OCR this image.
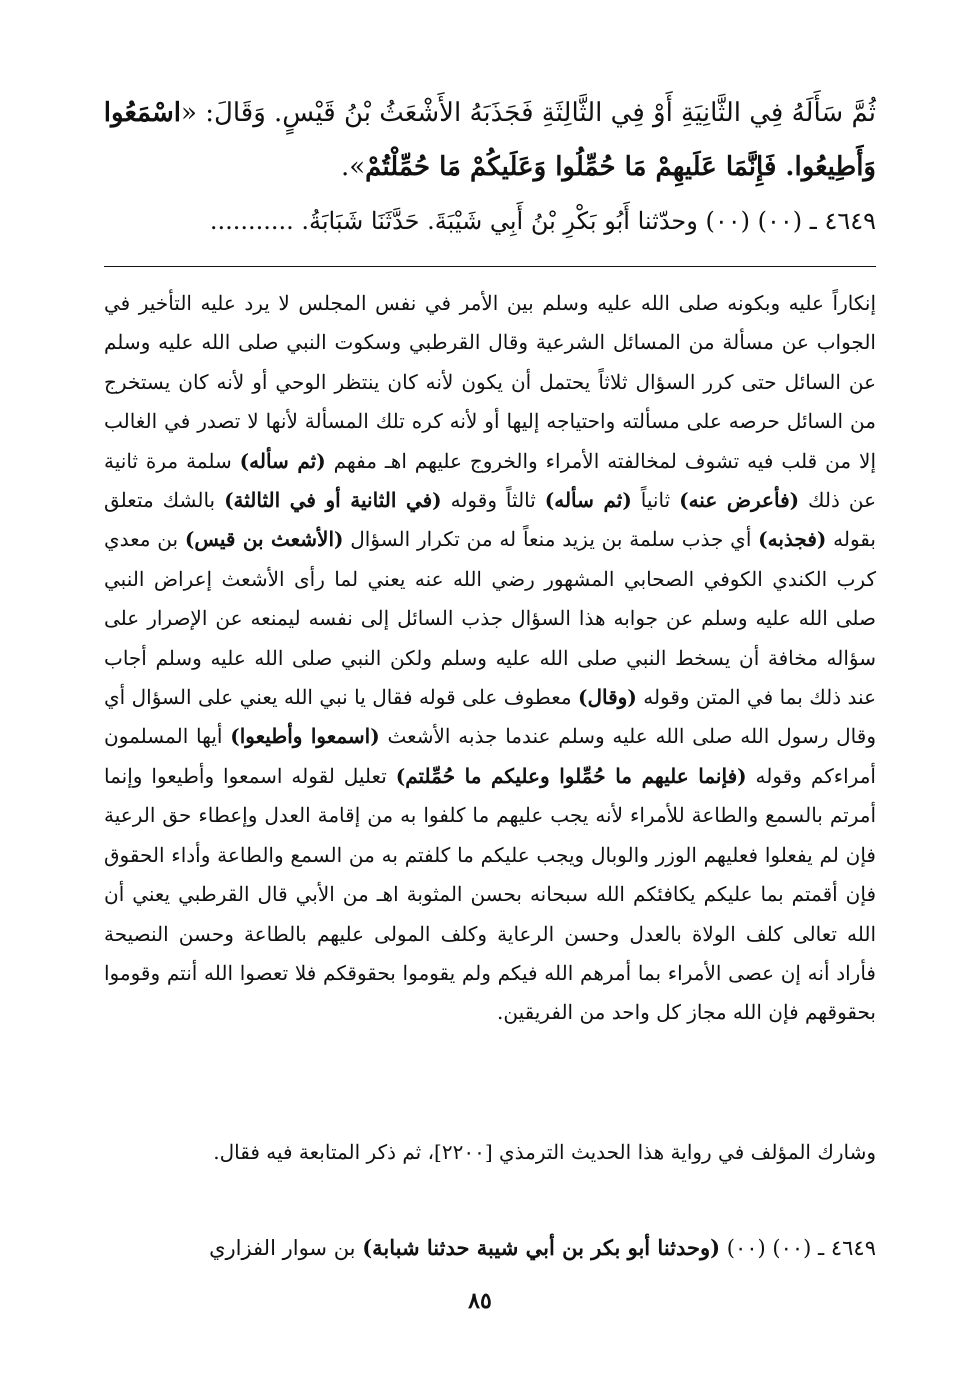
ثُمَّ سَأَلَهُ فِي الثَّانِيَةِ أَوْ فِي الثَّالِثَةِ فَجَذَبَهُ الأَشْعَثُ بْنُ قَيْسٍ. وَقَالَ: «اسْمَعُوا
وَأَطِيعُوا. فَإِنَّمَا عَلَيهِمْ مَا حُمِّلُوا وَعَلَيكُمْ مَا حُمِّلْتُمْ».
٤٦٤٩ ـ (٠٠) (٠٠) وحدّثنا أَبُو بَكْرِ بْنُ أَبِي شَيْبَةَ. حَدَّثَنَا شَبَابَةُ. ...........

إنكاراً عليه وبكونه صلى الله عليه وسلم بين الأمر في نفس المجلس لا يرد عليه التأخير في الجواب عن مسألة من المسائل الشرعية وقال القرطبي وسكوت النبي صلى الله عليه وسلم عن السائل حتى كرر السؤال ثلاثاً يحتمل أن يكون لأنه كان ينتظر الوحي أو لأنه كان يستخرج من السائل حرصه على مسألته واحتياجه إليها أو لأنه كره تلك المسألة لأنها لا تصدر في الغالب إلا من قلب فيه تشوف لمخالفته الأمراء والخروج عليهم اهـ مفهم (ثم سأله) سلمة مرة ثانية عن ذلك (فأعرض عنه) ثانياً (ثم سأله) ثالثاً وقوله (في الثانية أو في الثالثة) بالشك متعلق بقوله (فجذبه) أي جذب سلمة بن يزيد منعاً له من تكرار السؤال (الأشعث بن قيس) بن معدي كرب الكندي الكوفي الصحابي المشهور رضي الله عنه يعني لما رأى الأشعث إعراض النبي صلى الله عليه وسلم عن جوابه هذا السؤال جذب السائل إلى نفسه ليمنعه عن الإصرار على سؤاله مخافة أن يسخط النبي صلى الله عليه وسلم ولكن النبي صلى الله عليه وسلم أجاب عند ذلك بما في المتن وقوله (وقال) معطوف على قوله فقال يا نبي الله يعني على السؤال أي وقال رسول الله صلى الله عليه وسلم عندما جذبه الأشعث (اسمعوا وأطيعوا) أيها المسلمون أمراءكم وقوله (فإنما عليهم ما حُمِّلوا وعليكم ما حُمِّلتم) تعليل لقوله اسمعوا وأطيعوا وإنما أمرتم بالسمع والطاعة للأمراء لأنه يجب عليهم ما كلفوا به من إقامة العدل وإعطاء حق الرعية فإن لم يفعلوا فعليهم الوزر والوبال ويجب عليكم ما كلفتم به من السمع والطاعة وأداء الحقوق فإن أقمتم بما عليكم يكافئكم الله سبحانه بحسن المثوبة اهـ من الأبي قال القرطبي يعني أن الله تعالى كلف الولاة بالعدل وحسن الرعاية وكلف المولى عليهم بالطاعة وحسن النصيحة فأراد أنه إن عصى الأمراء بما أمرهم الله فيكم ولم يقوموا بحقوقكم فلا تعصوا الله أنتم وقوموا بحقوقهم فإن الله مجاز كل واحد من الفريقين.

وشارك المؤلف في رواية هذا الحديث الترمذي [٢٢٠٠]، ثم ذكر المتابعة فيه فقال.

٤٦٤٩ ـ (٠٠) (٠٠) (وحدثنا أبو بكر بن أبي شيبة حدثنا شبابة) بن سوار الفزاري
٨٥
